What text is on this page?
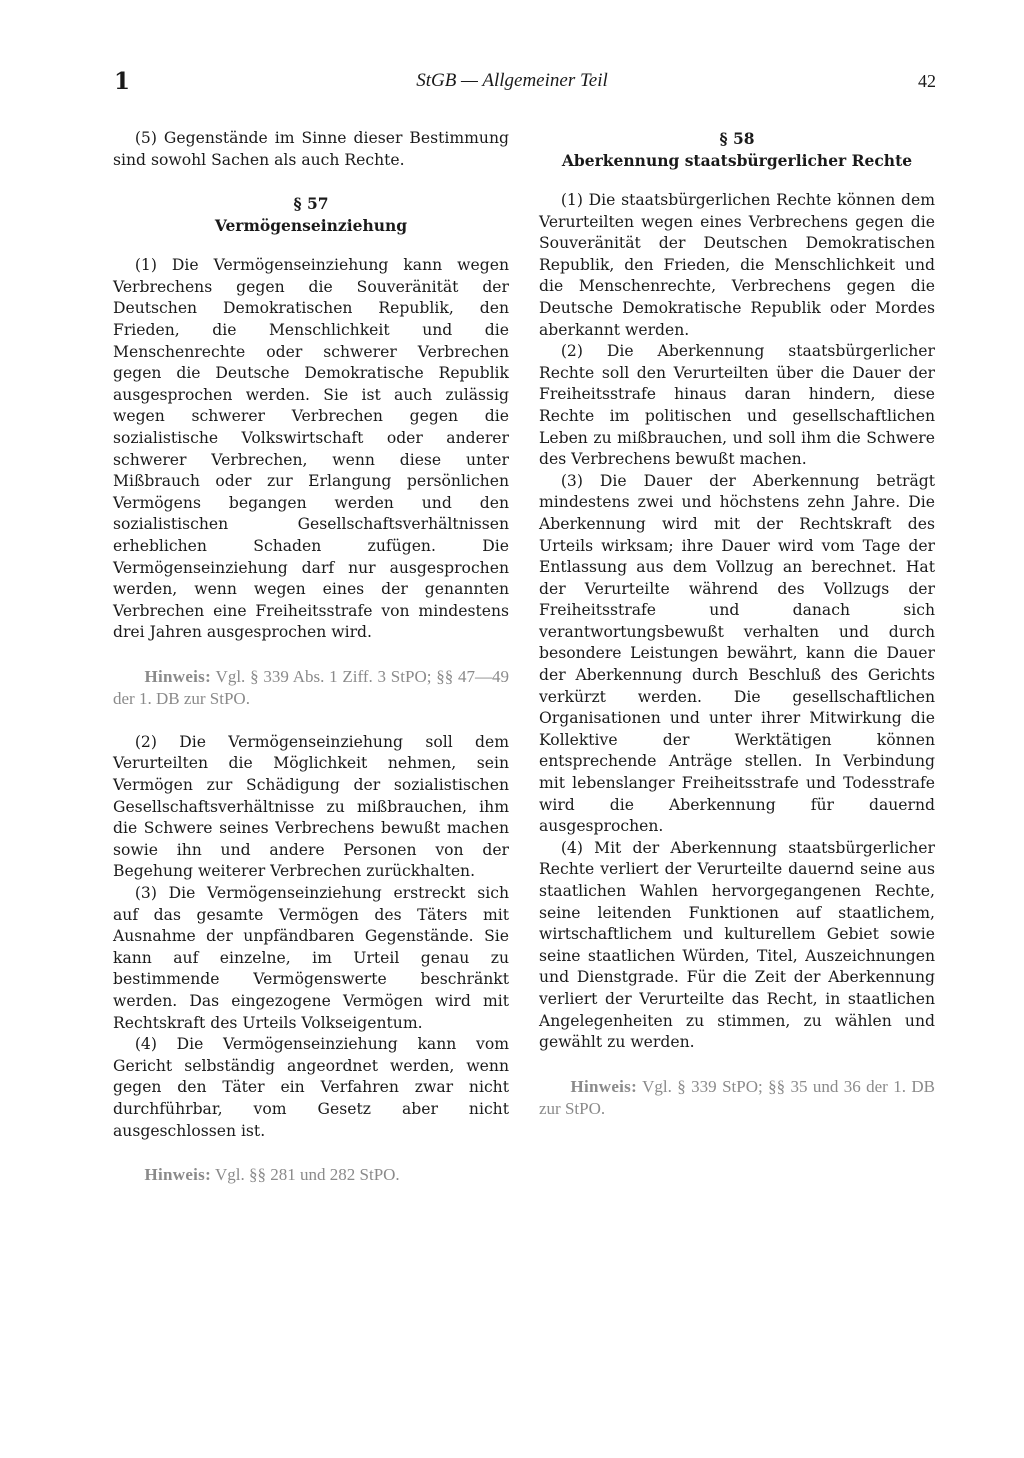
1	StGB — Allgemeiner Teil	42

(5) Gegenstände im Sinne dieser Bestimmung sind sowohl Sachen als auch Rechte.

§ 57
Vermögenseinziehung

(1) Die Vermögenseinziehung kann wegen Verbrechens gegen die Souveränität der Deutschen Demokratischen Republik, den Frieden, die Menschlichkeit und die Menschenrechte oder schwerer Verbrechen gegen die Deutsche Demokratische Republik ausgesprochen werden. Sie ist auch zulässig wegen schwerer Verbrechen gegen die sozialistische Volkswirtschaft oder anderer schwerer Verbrechen, wenn diese unter Mißbrauch oder zur Erlangung persönlichen Vermögens begangen werden und den sozialistischen Gesellschaftsverhältnissen erheblichen Schaden zufügen. Die Vermögenseinziehung darf nur ausgesprochen werden, wenn wegen eines der genannten Verbrechen eine Freiheitsstrafe von mindestens drei Jahren ausgesprochen wird.

Hinweis: Vgl. § 339 Abs. 1 Ziff. 3 StPO; §§ 47—49 der 1. DB zur StPO.

(2) Die Vermögenseinziehung soll dem Verurteilten die Möglichkeit nehmen, sein Vermögen zur Schädigung der sozialistischen Gesellschaftsverhältnisse zu mißbrauchen, ihm die Schwere seines Verbrechens bewußt machen sowie ihn und andere Personen von der Begehung weiterer Verbrechen zurückhalten.

(3) Die Vermögenseinziehung erstreckt sich auf das gesamte Vermögen des Täters mit Ausnahme der unpfändbaren Gegenstände. Sie kann auf einzelne, im Urteil genau zu bestimmende Vermögenswerte beschränkt werden. Das eingezogene Vermögen wird mit Rechtskraft des Urteils Volkseigentum.

(4) Die Vermögenseinziehung kann vom Gericht selbständig angeordnet werden, wenn gegen den Täter ein Verfahren zwar nicht durchführbar, vom Gesetz aber nicht ausgeschlossen ist.

Hinweis: Vgl. §§ 281 und 282 StPO.

§ 58
Aberkennung staatsbürgerlicher Rechte

(1) Die staatsbürgerlichen Rechte können dem Verurteilten wegen eines Verbrechens gegen die Souveränität der Deutschen Demokratischen Republik, den Frieden, die Menschlichkeit und die Menschenrechte, Verbrechens gegen die Deutsche Demokratische Republik oder Mordes aberkannt werden.

(2) Die Aberkennung staatsbürgerlicher Rechte soll den Verurteilten über die Dauer der Freiheitsstrafe hinaus daran hindern, diese Rechte im politischen und gesellschaftlichen Leben zu mißbrauchen, und soll ihm die Schwere des Verbrechens bewußt machen.

(3) Die Dauer der Aberkennung beträgt mindestens zwei und höchstens zehn Jahre. Die Aberkennung wird mit der Rechtskraft des Urteils wirksam; ihre Dauer wird vom Tage der Entlassung aus dem Vollzug an berechnet. Hat der Verurteilte während des Vollzugs der Freiheitsstrafe und danach sich verantwortungsbewußt verhalten und durch besondere Leistungen bewährt, kann die Dauer der Aberkennung durch Beschluß des Gerichts verkürzt werden. Die gesellschaftlichen Organisationen und unter ihrer Mitwirkung die Kollektive der Werktätigen können entsprechende Anträge stellen. In Verbindung mit lebenslanger Freiheitsstrafe und Todesstrafe wird die Aberkennung für dauernd ausgesprochen.

(4) Mit der Aberkennung staatsbürgerlicher Rechte verliert der Verurteilte dauernd seine aus staatlichen Wahlen hervorgegangenen Rechte, seine leitenden Funktionen auf staatlichem, wirtschaftlichem und kulturellem Gebiet sowie seine staatlichen Würden, Titel, Auszeichnungen und Dienstgrade. Für die Zeit der Aberkennung verliert der Verurteilte das Recht, in staatlichen Angelegenheiten zu stimmen, zu wählen und gewählt zu werden.

Hinweis: Vgl. § 339 StPO; §§ 35 und 36 der 1. DB zur StPO.
